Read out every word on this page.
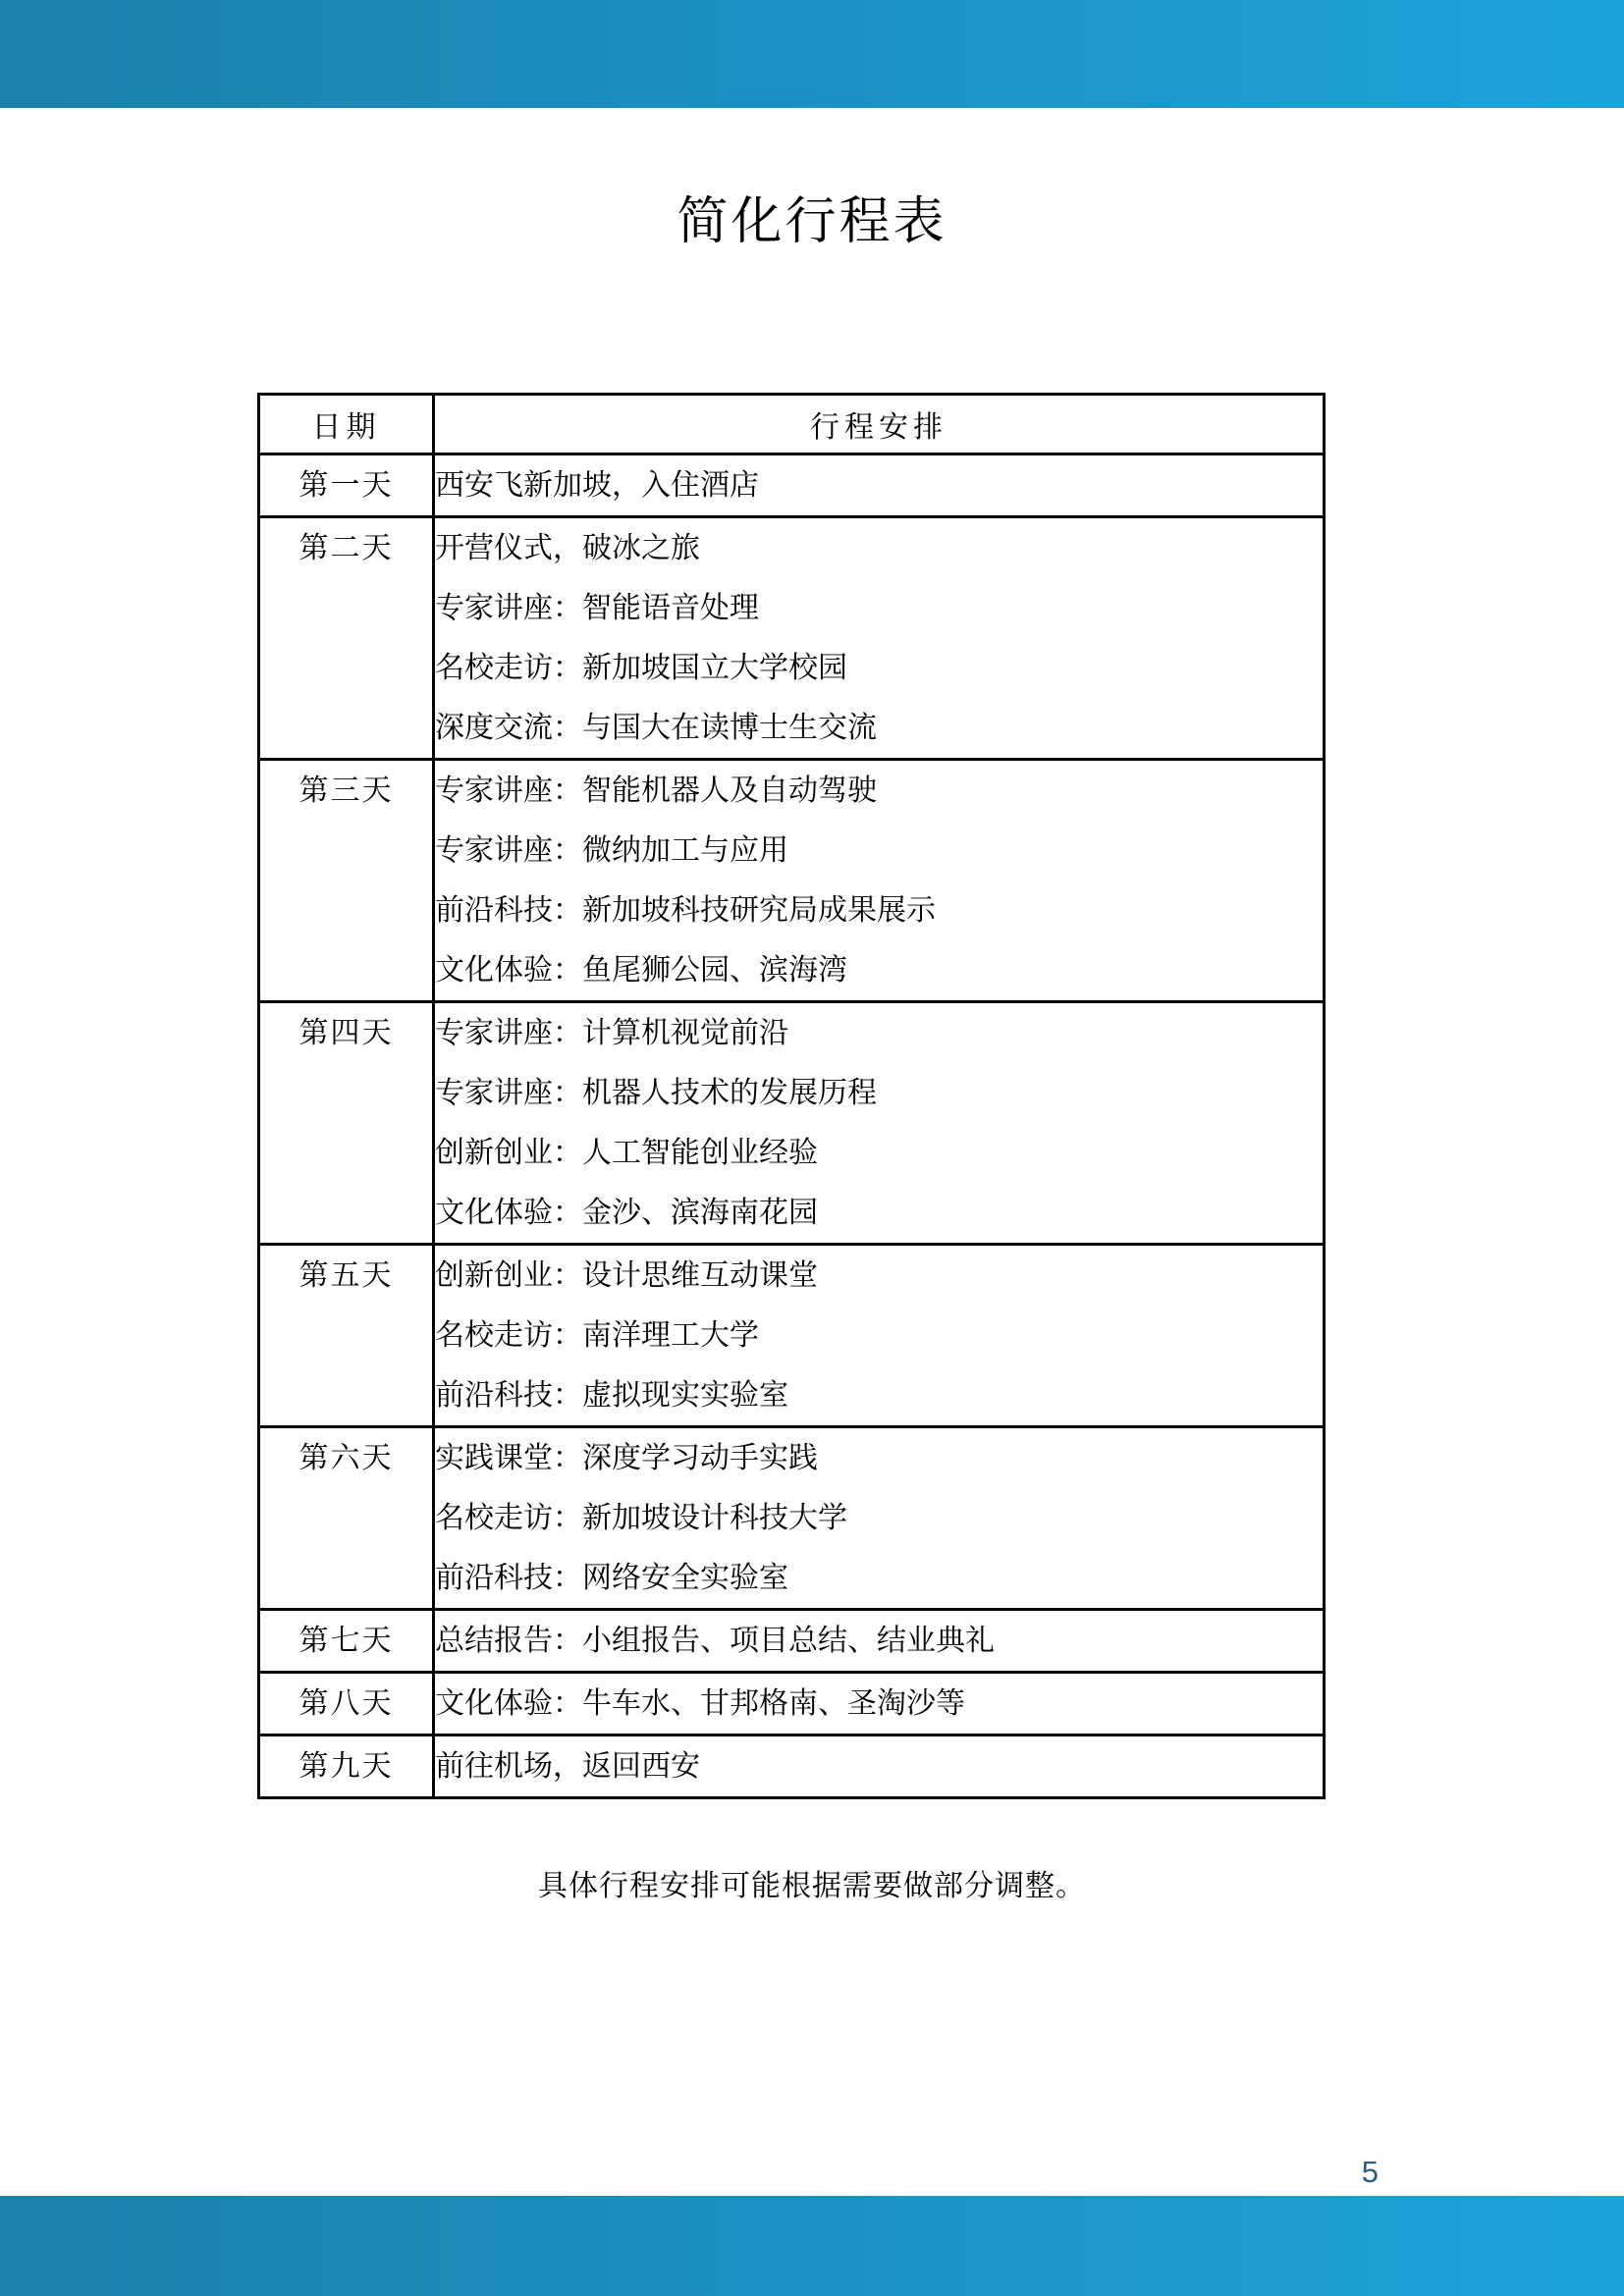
简化行程表
日期	行程安排
第一天	西安飞新加坡，入住酒店

第二天	开营仪式，破冰之旅
专家讲座：智能语音处理
名校走访：新加坡国立大学校园
深度交流：与国大在读博士生交流

第三天	专家讲座：智能机器人及自动驾驶
专家讲座：微纳加工与应用
前沿科技：新加坡科技研究局成果展示
文化体验：鱼尾狮公园、滨海湾

第四天	专家讲座：计算机视觉前沿
专家讲座：机器人技术的发展历程
创新创业：人工智能创业经验
文化体验：金沙、滨海南花园

第五天	创新创业：设计思维互动课堂
名校走访：南洋理工大学
前沿科技：虚拟现实实验室

第六天	实践课堂：深度学习动手实践
名校走访：新加坡设计科技大学
前沿科技：网络安全实验室

第七天	总结报告：小组报告、项目总结、结业典礼

第八天	文化体验：牛车水、甘邦格南、圣淘沙等

第九天	前往机场，返回西安

具体行程安排可能根据需要做部分调整。

5
